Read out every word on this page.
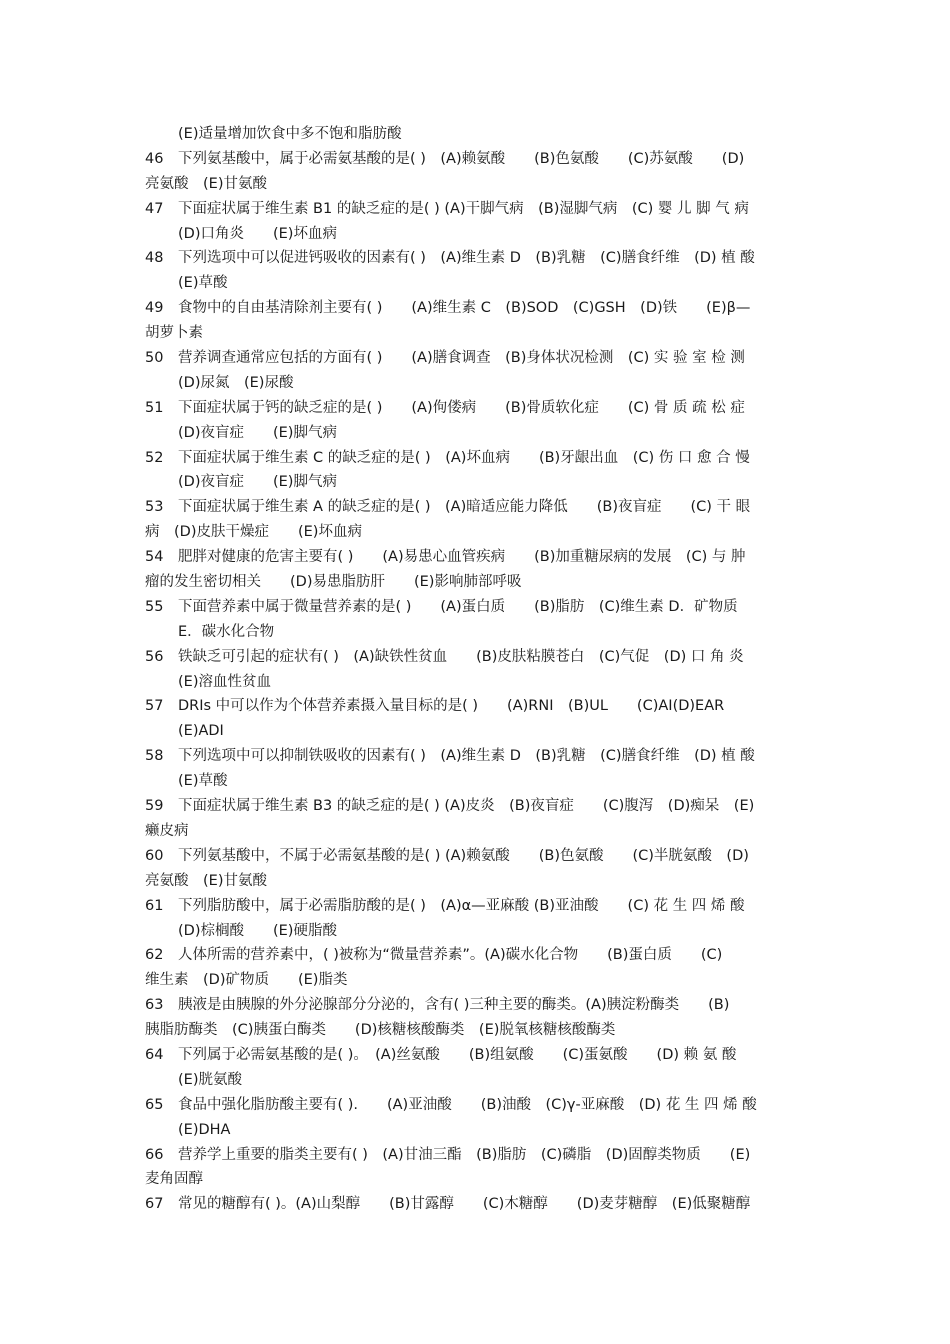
(E)适量增加饮食中多不饱和脂肪酸
46　下列氨基酸中，属于必需氨基酸的是( )　(A)赖氨酸　　(B)色氨酸　　(C)苏氨酸　　(D)
亮氨酸　(E)甘氨酸
47　下面症状属于维生素 B1 的缺乏症的是( ) (A)干脚气病　(B)湿脚气病　(C) 婴 儿 脚 气 病
(D)口角炎　　(E)坏血病
48　下列选项中可以促进钙吸收的因素有( )　(A)维生素 D　(B)乳糖　(C)膳食纤维　(D) 植 酸
(E)草酸
49　食物中的自由基清除剂主要有( )　　(A)维生素 C　(B)SOD　(C)GSH　(D)铁　　(E)β—
胡萝卜素
50　营养调查通常应包括的方面有( )　　(A)膳食调查　(B)身体状况检测　(C) 实 验 室 检 测
(D)尿氮　(E)尿酸
51　下面症状属于钙的缺乏症的是( )　　(A)佝偻病　　(B)骨质软化症　　(C) 骨 质 疏 松 症
(D)夜盲症　　(E)脚气病
52　下面症状属于维生素 C 的缺乏症的是( )　(A)坏血病　　(B)牙龈出血　(C) 伤 口 愈 合 慢
(D)夜盲症　　(E)脚气病
53　下面症状属于维生素 A 的缺乏症的是( )　(A)暗适应能力降低　　(B)夜盲症　　(C) 干 眼
病　(D)皮肤干燥症　　(E)坏血病
54　肥胖对健康的危害主要有( )　　(A)易患心血管疾病　　(B)加重糖尿病的发展　(C) 与 肿
瘤的发生密切相关　　(D)易患脂肪肝　　(E)影响肺部呼吸
55　下面营养素中属于微量营养素的是( )　　(A)蛋白质　　(B)脂肪　(C)维生素 D．矿物质
E．碳水化合物
56　铁缺乏可引起的症状有( )　(A)缺铁性贫血　　(B)皮肤粘膜苍白　(C)气促　(D) 口 角 炎
(E)溶血性贫血
57　DRIs 中可以作为个体营养素摄入量目标的是( )　　(A)RNI　(B)UL　　(C)AI(D)EAR
(E)ADI
58　下列选项中可以抑制铁吸收的因素有( )　(A)维生素 D　(B)乳糖　(C)膳食纤维　(D) 植 酸
(E)草酸
59　下面症状属于维生素 B3 的缺乏症的是( ) (A)皮炎　(B)夜盲症　　(C)腹泻　(D)痴呆　(E)
癞皮病
60　下列氨基酸中，不属于必需氨基酸的是( ) (A)赖氨酸　　(B)色氨酸　　(C)半胱氨酸　(D)
亮氨酸　(E)甘氨酸
61　下列脂肪酸中，属于必需脂肪酸的是( )　(A)α—亚麻酸 (B)亚油酸　　(C) 花 生 四 烯 酸
(D)棕榈酸　　(E)硬脂酸
62　人体所需的营养素中，( )被称为“微量营养素”。(A)碳水化合物　　(B)蛋白质　　(C)
维生素　(D)矿物质　　(E)脂类
63　胰液是由胰腺的外分泌腺部分分泌的，含有( )三种主要的酶类。(A)胰淀粉酶类　　(B)
胰脂肪酶类　(C)胰蛋白酶类　　(D)核糖核酸酶类　(E)脱氧核糖核酸酶类
64　下列属于必需氨基酸的是( )。　(A)丝氨酸　　(B)组氨酸　　(C)蛋氨酸　　(D) 赖 氨 酸
(E)胱氨酸
65　食品中强化脂肪酸主要有( ).　　(A)亚油酸　　(B)油酸　(C)γ-亚麻酸　(D) 花 生 四 烯 酸
(E)DHA
66　营养学上重要的脂类主要有( )　(A)甘油三酯　(B)脂肪　(C)磷脂　(D)固醇类物质　　(E)
麦角固醇
67　常见的糖醇有( )。(A)山梨醇　　(B)甘露醇　　(C)木糖醇　　(D)麦芽糖醇　(E)低聚糖醇
